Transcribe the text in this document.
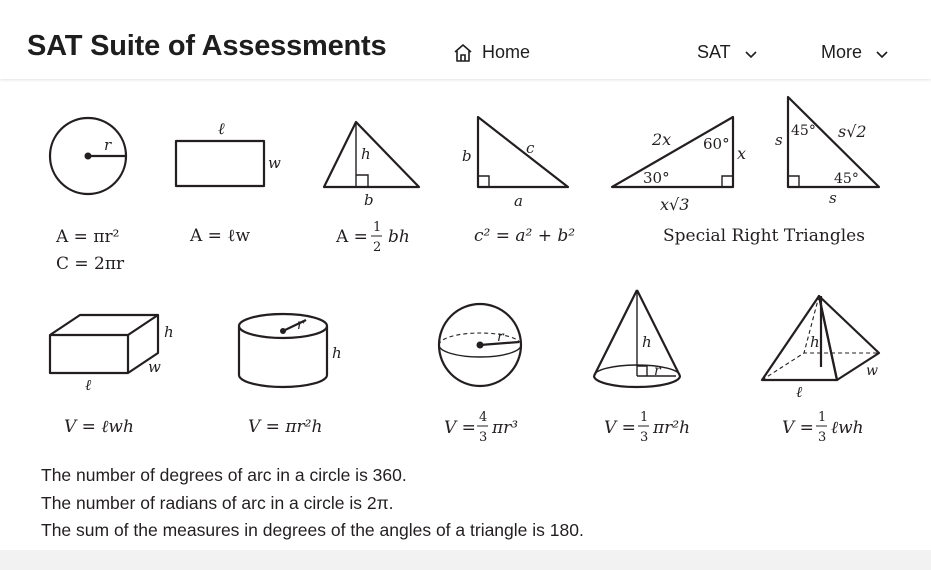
SAT Suite of Assessments	Home	SAT	More
r
A = πr²
C = 2πr
ℓ
w
A = ℓw
h
b
A = 1
2
bh
b	c
a
c² = a² + b²
2x 60° x
30°
x√3
s 45° s√2
45°
s
Special Right Triangles
h
w
ℓ
V = ℓwh
r
h
V = πr²h
r
V =
4
3 πr³
h
r
V =
1
3 πr²h
h
w
ℓ
V =
1
3 ℓwh
The number of degrees of arc in a circle is 360.
The number of radians of arc in a circle is 2π.
The sum of the measures in degrees of the angles of a triangle is 180.
